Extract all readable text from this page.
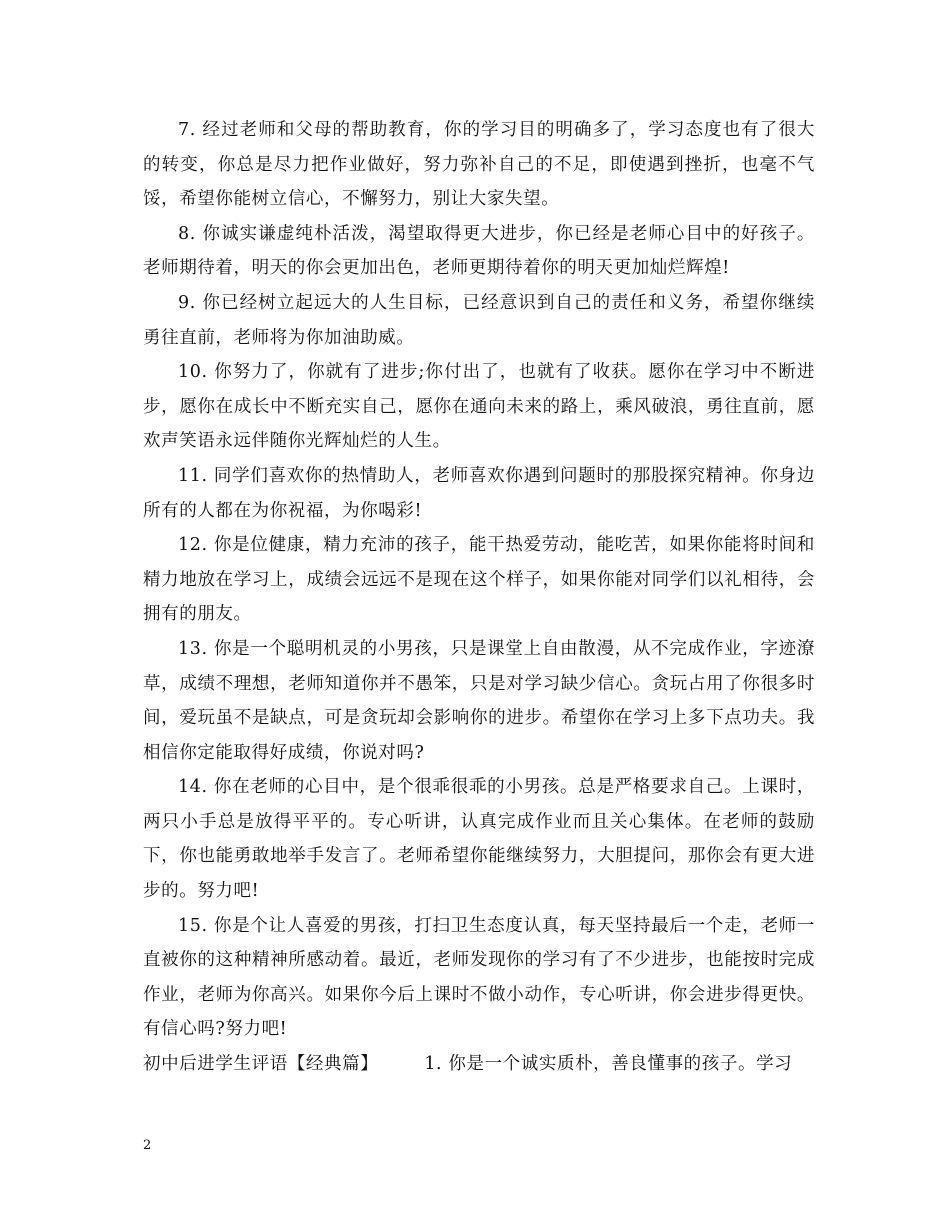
7. 经过老师和父母的帮助教育，你的学习目的明确多了，学习态度也有了很大的转变，你总是尽力把作业做好，努力弥补自己的不足，即使遇到挫折，也毫不气馁，希望你能树立信心，不懈努力，别让大家失望。

8. 你诚实谦虚纯朴活泼，渴望取得更大进步，你已经是老师心目中的好孩子。老师期待着，明天的你会更加出色，老师更期待着你的明天更加灿烂辉煌!

9. 你已经树立起远大的人生目标，已经意识到自己的责任和义务，希望你继续勇往直前，老师将为你加油助威。

10. 你努力了，你就有了进步;你付出了，也就有了收获。愿你在学习中不断进步，愿你在成长中不断充实自己，愿你在通向未来的路上，乘风破浪，勇往直前，愿欢声笑语永远伴随你光辉灿烂的人生。

11. 同学们喜欢你的热情助人，老师喜欢你遇到问题时的那股探究精神。你身边所有的人都在为你祝福，为你喝彩!

12. 你是位健康，精力充沛的孩子，能干热爱劳动，能吃苦，如果你能将时间和精力地放在学习上，成绩会远远不是现在这个样子，如果你能对同学们以礼相待，会拥有的朋友。

13. 你是一个聪明机灵的小男孩，只是课堂上自由散漫，从不完成作业，字迹潦草，成绩不理想，老师知道你并不愚笨，只是对学习缺少信心。贪玩占用了你很多时间，爱玩虽不是缺点，可是贪玩却会影响你的进步。希望你在学习上多下点功夫。我相信你定能取得好成绩，你说对吗?

14. 你在老师的心目中，是个很乖很乖的小男孩。总是严格要求自己。上课时，两只小手总是放得平平的。专心听讲，认真完成作业而且关心集体。在老师的鼓励下，你也能勇敢地举手发言了。老师希望你能继续努力，大胆提问，那你会有更大进步的。努力吧!

15. 你是个让人喜爱的男孩，打扫卫生态度认真，每天坚持最后一个走，老师一直被你的这种精神所感动着。最近，老师发现你的学习有了不少进步，也能按时完成作业，老师为你高兴。如果你今后上课时不做小动作，专心听讲，你会进步得更快。有信心吗?努力吧!

初中后进学生评语【经典篇】	1. 你是一个诚实质朴，善良懂事的孩子。学习

2
